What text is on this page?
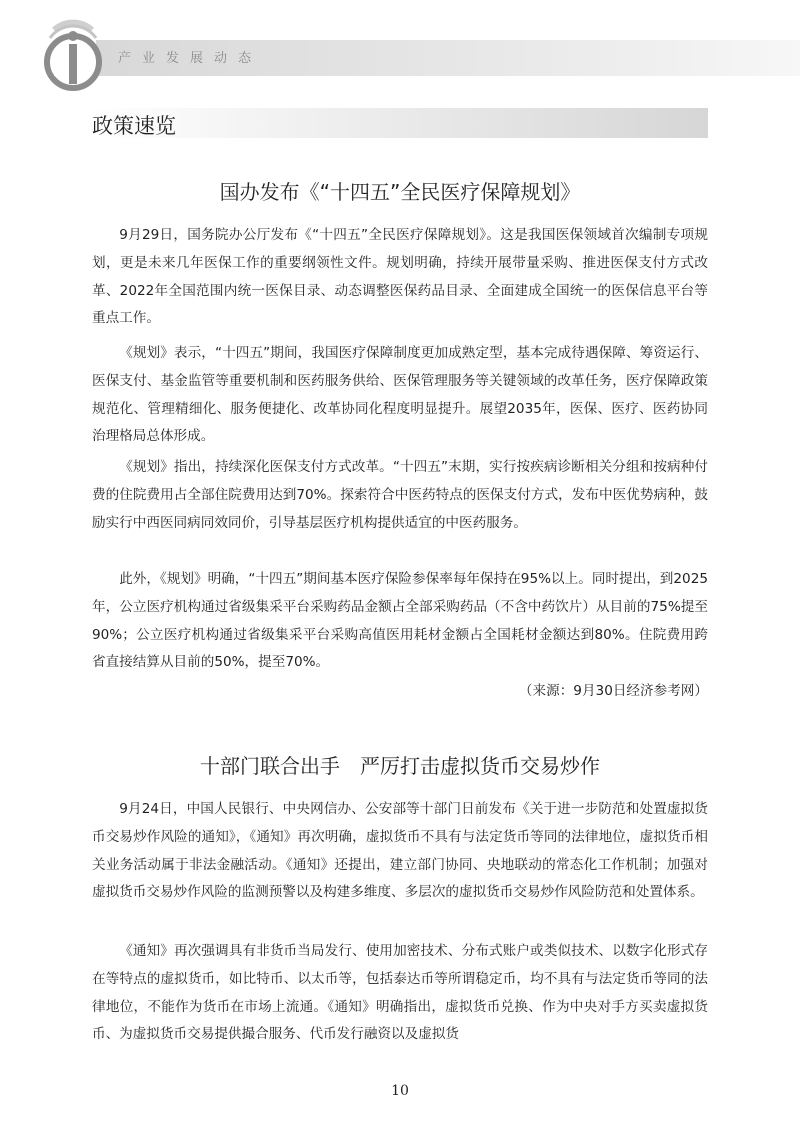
产业发展动态
政策速览
国办发布《“十四五”全民医疗保障规划》

9月29日，国务院办公厅发布《“十四五”全民医疗保障规划》。这是我国医保领域首次编制专项规划，更是未来几年医保工作的重要纲领性文件。规划明确，持续开展带量采购、推进医保支付方式改革、2022年全国范围内统一医保目录、动态调整医保药品目录、全面建成全国统一的医保信息平台等重点工作。

《规划》表示，“十四五”期间，我国医疗保障制度更加成熟定型，基本完成待遇保障、筹资运行、医保支付、基金监管等重要机制和医药服务供给、医保管理服务等关键领域的改革任务，医疗保障政策规范化、管理精细化、服务便捷化、改革协同化程度明显提升。展望2035年，医保、医疗、医药协同治理格局总体形成。

《规划》指出，持续深化医保支付方式改革。“十四五”末期，实行按疾病诊断相关分组和按病种付费的住院费用占全部住院费用达到70%。探索符合中医药特点的医保支付方式，发布中医优势病种，鼓励实行中西医同病同效同价，引导基层医疗机构提供适宜的中医药服务。

此外，《规划》明确，“十四五”期间基本医疗保险参保率每年保持在95%以上。同时提出，到2025年，公立医疗机构通过省级集采平台采购药品金额占全部采购药品（不含中药饮片）从目前的75%提至90%；公立医疗机构通过省级集采平台采购高值医用耗材金额占全国耗材金额达到80%。住院费用跨省直接结算从目前的50%，提至70%。

（来源：9月30日经济参考网）
十部门联合出手　严厉打击虚拟货币交易炒作

9月24日，中国人民银行、中央网信办、公安部等十部门日前发布《关于进一步防范和处置虚拟货币交易炒作风险的通知》，《通知》再次明确，虚拟货币不具有与法定货币等同的法律地位，虚拟货币相关业务活动属于非法金融活动。《通知》还提出，建立部门协同、央地联动的常态化工作机制；加强对虚拟货币交易炒作风险的监测预警以及构建多维度、多层次的虚拟货币交易炒作风险防范和处置体系。

《通知》再次强调具有非货币当局发行、使用加密技术、分布式账户或类似技术、以数字化形式存在等特点的虚拟货币，如比特币、以太币等，包括泰达币等所谓稳定币，均不具有与法定货币等同的法律地位，不能作为货币在市场上流通。《通知》明确指出，虚拟货币兑换、作为中央对手方买卖虚拟货币、为虚拟货币交易提供撮合服务、代币发行融资以及虚拟货

10
